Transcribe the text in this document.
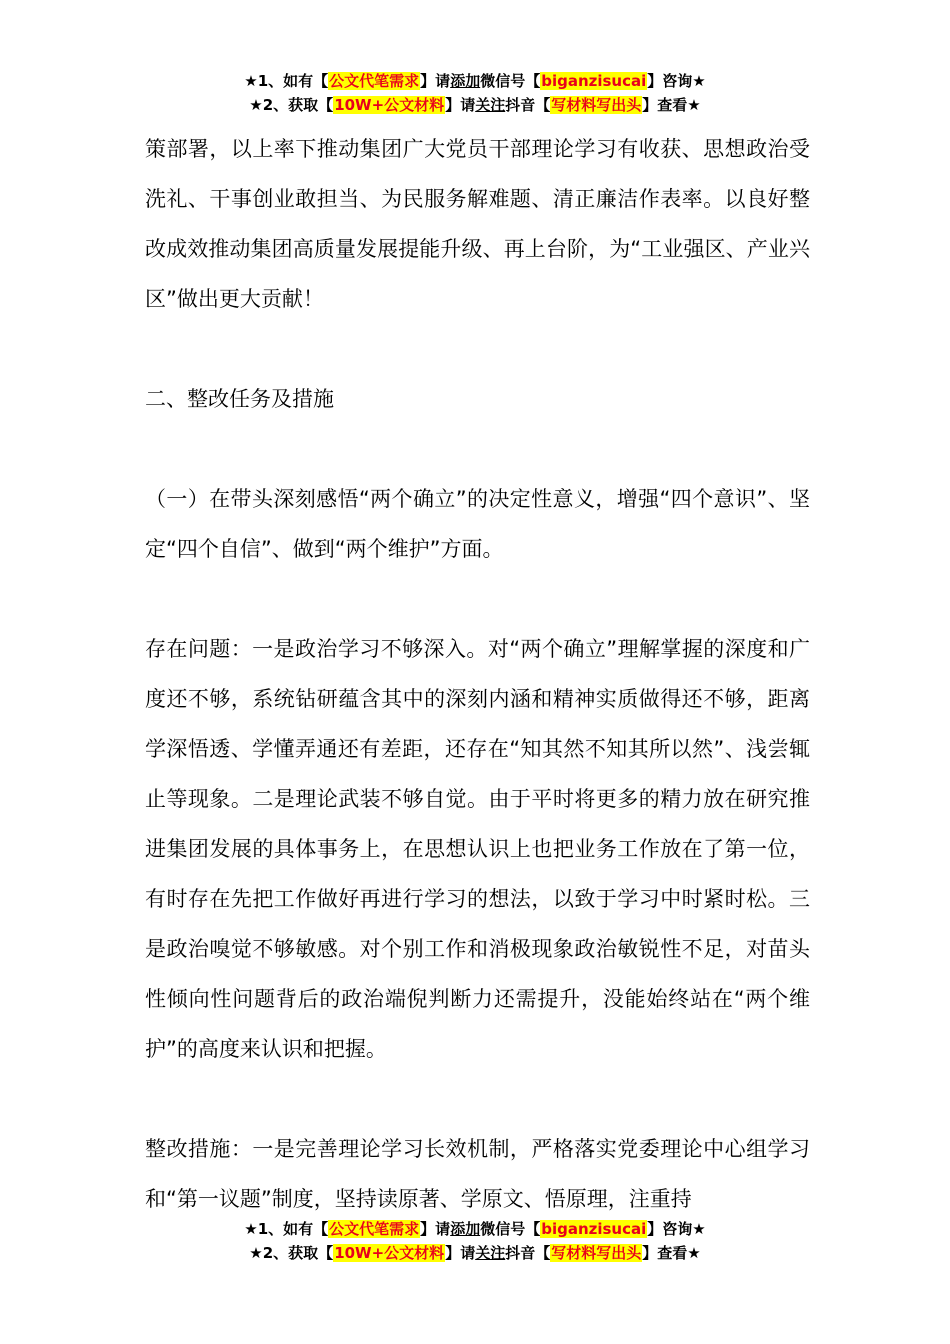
★1、如有【公文代笔需求】请添加微信号【biganzisucai】咨询★
★2、获取【10W+公文材料】请关注抖音【写材料写出头】查看★

策部署，以上率下推动集团广大党员干部理论学习有收获、思想政治受洗礼、干事创业敢担当、为民服务解难题、清正廉洁作表率。以良好整改成效推动集团高质量发展提能升级、再上台阶，为“工业强区、产业兴区”做出更大贡献！

二、整改任务及措施

（一）在带头深刻感悟“两个确立”的决定性意义，增强“四个意识”、坚定“四个自信”、做到“两个维护”方面。

存在问题：一是政治学习不够深入。对“两个确立”理解掌握的深度和广度还不够，系统钻研蕴含其中的深刻内涵和精神实质做得还不够，距离学深悟透、学懂弄通还有差距，还存在“知其然不知其所以然”、浅尝辄止等现象。二是理论武装不够自觉。由于平时将更多的精力放在研究推进集团发展的具体事务上，在思想认识上也把业务工作放在了第一位，有时存在先把工作做好再进行学习的想法，以致于学习中时紧时松。三是政治嗅觉不够敏感。对个别工作和消极现象政治敏锐性不足，对苗头性倾向性问题背后的政治端倪判断力还需提升，没能始终站在“两个维护”的高度来认识和把握。

整改措施：一是完善理论学习长效机制，严格落实党委理论中心组学习和“第一议题”制度，坚持读原著、学原文、悟原理，注重持

★1、如有【公文代笔需求】请添加微信号【biganzisucai】咨询★
★2、获取【10W+公文材料】请关注抖音【写材料写出头】查看★
